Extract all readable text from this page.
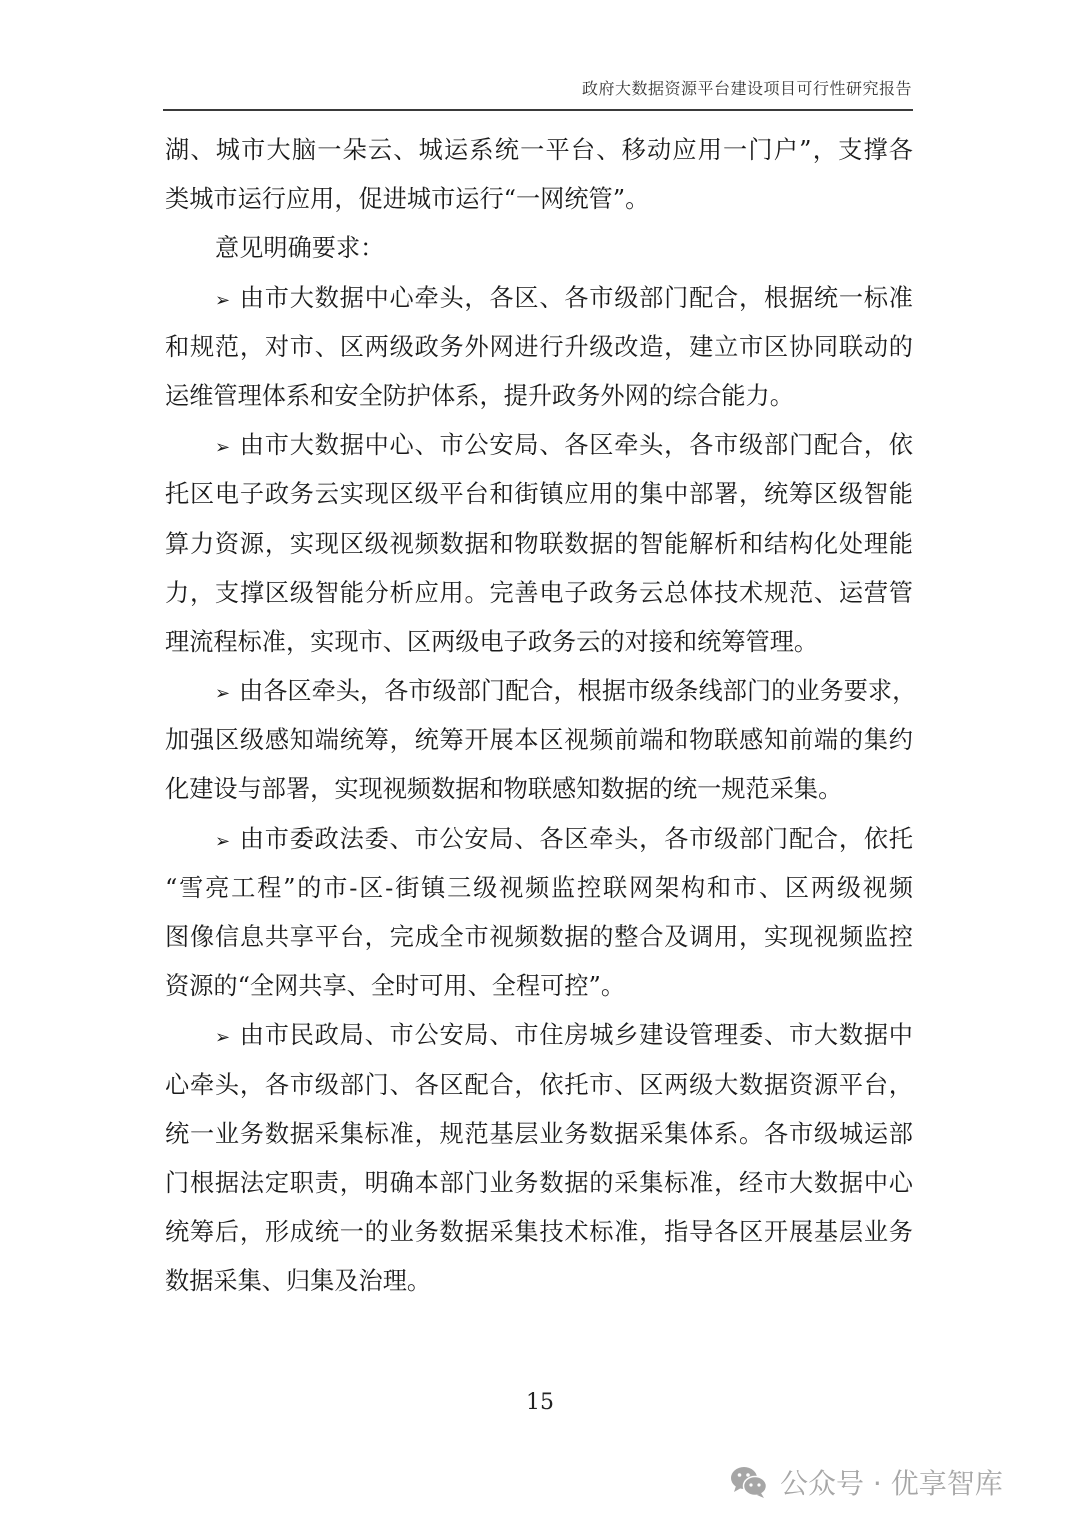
政府大数据资源平台建设项目可行性研究报告
湖、城市大脑一朵云、城运系统一平台、移动应用一门户”，支撑各
类城市运行应用，促进城市运行“一网统管”。
意见明确要求：
➢ 由市大数据中心牵头，各区、各市级部门配合，根据统一标准
和规范，对市、区两级政务外网进行升级改造，建立市区协同联动的
运维管理体系和安全防护体系，提升政务外网的综合能力。
➢ 由市大数据中心、市公安局、各区牵头，各市级部门配合，依
托区电子政务云实现区级平台和街镇应用的集中部署，统筹区级智能
算力资源，实现区级视频数据和物联数据的智能解析和结构化处理能
力，支撑区级智能分析应用。完善电子政务云总体技术规范、运营管
理流程标准，实现市、区两级电子政务云的对接和统筹管理。
➢ 由各区牵头，各市级部门配合，根据市级条线部门的业务要求，
加强区级感知端统筹，统筹开展本区视频前端和物联感知前端的集约
化建设与部署，实现视频数据和物联感知数据的统一规范采集。
➢ 由市委政法委、市公安局、各区牵头，各市级部门配合，依托
“雪亮工程”的市-区-街镇三级视频监控联网架构和市、区两级视频
图像信息共享平台，完成全市视频数据的整合及调用，实现视频监控
资源的“全网共享、全时可用、全程可控”。
➢ 由市民政局、市公安局、市住房城乡建设管理委、市大数据中
心牵头，各市级部门、各区配合，依托市、区两级大数据资源平台，
统一业务数据采集标准，规范基层业务数据采集体系。各市级城运部
门根据法定职责，明确本部门业务数据的采集标准，经市大数据中心
统筹后，形成统一的业务数据采集技术标准，指导各区开展基层业务
数据采集、归集及治理。
15
公众号 · 优享智库
